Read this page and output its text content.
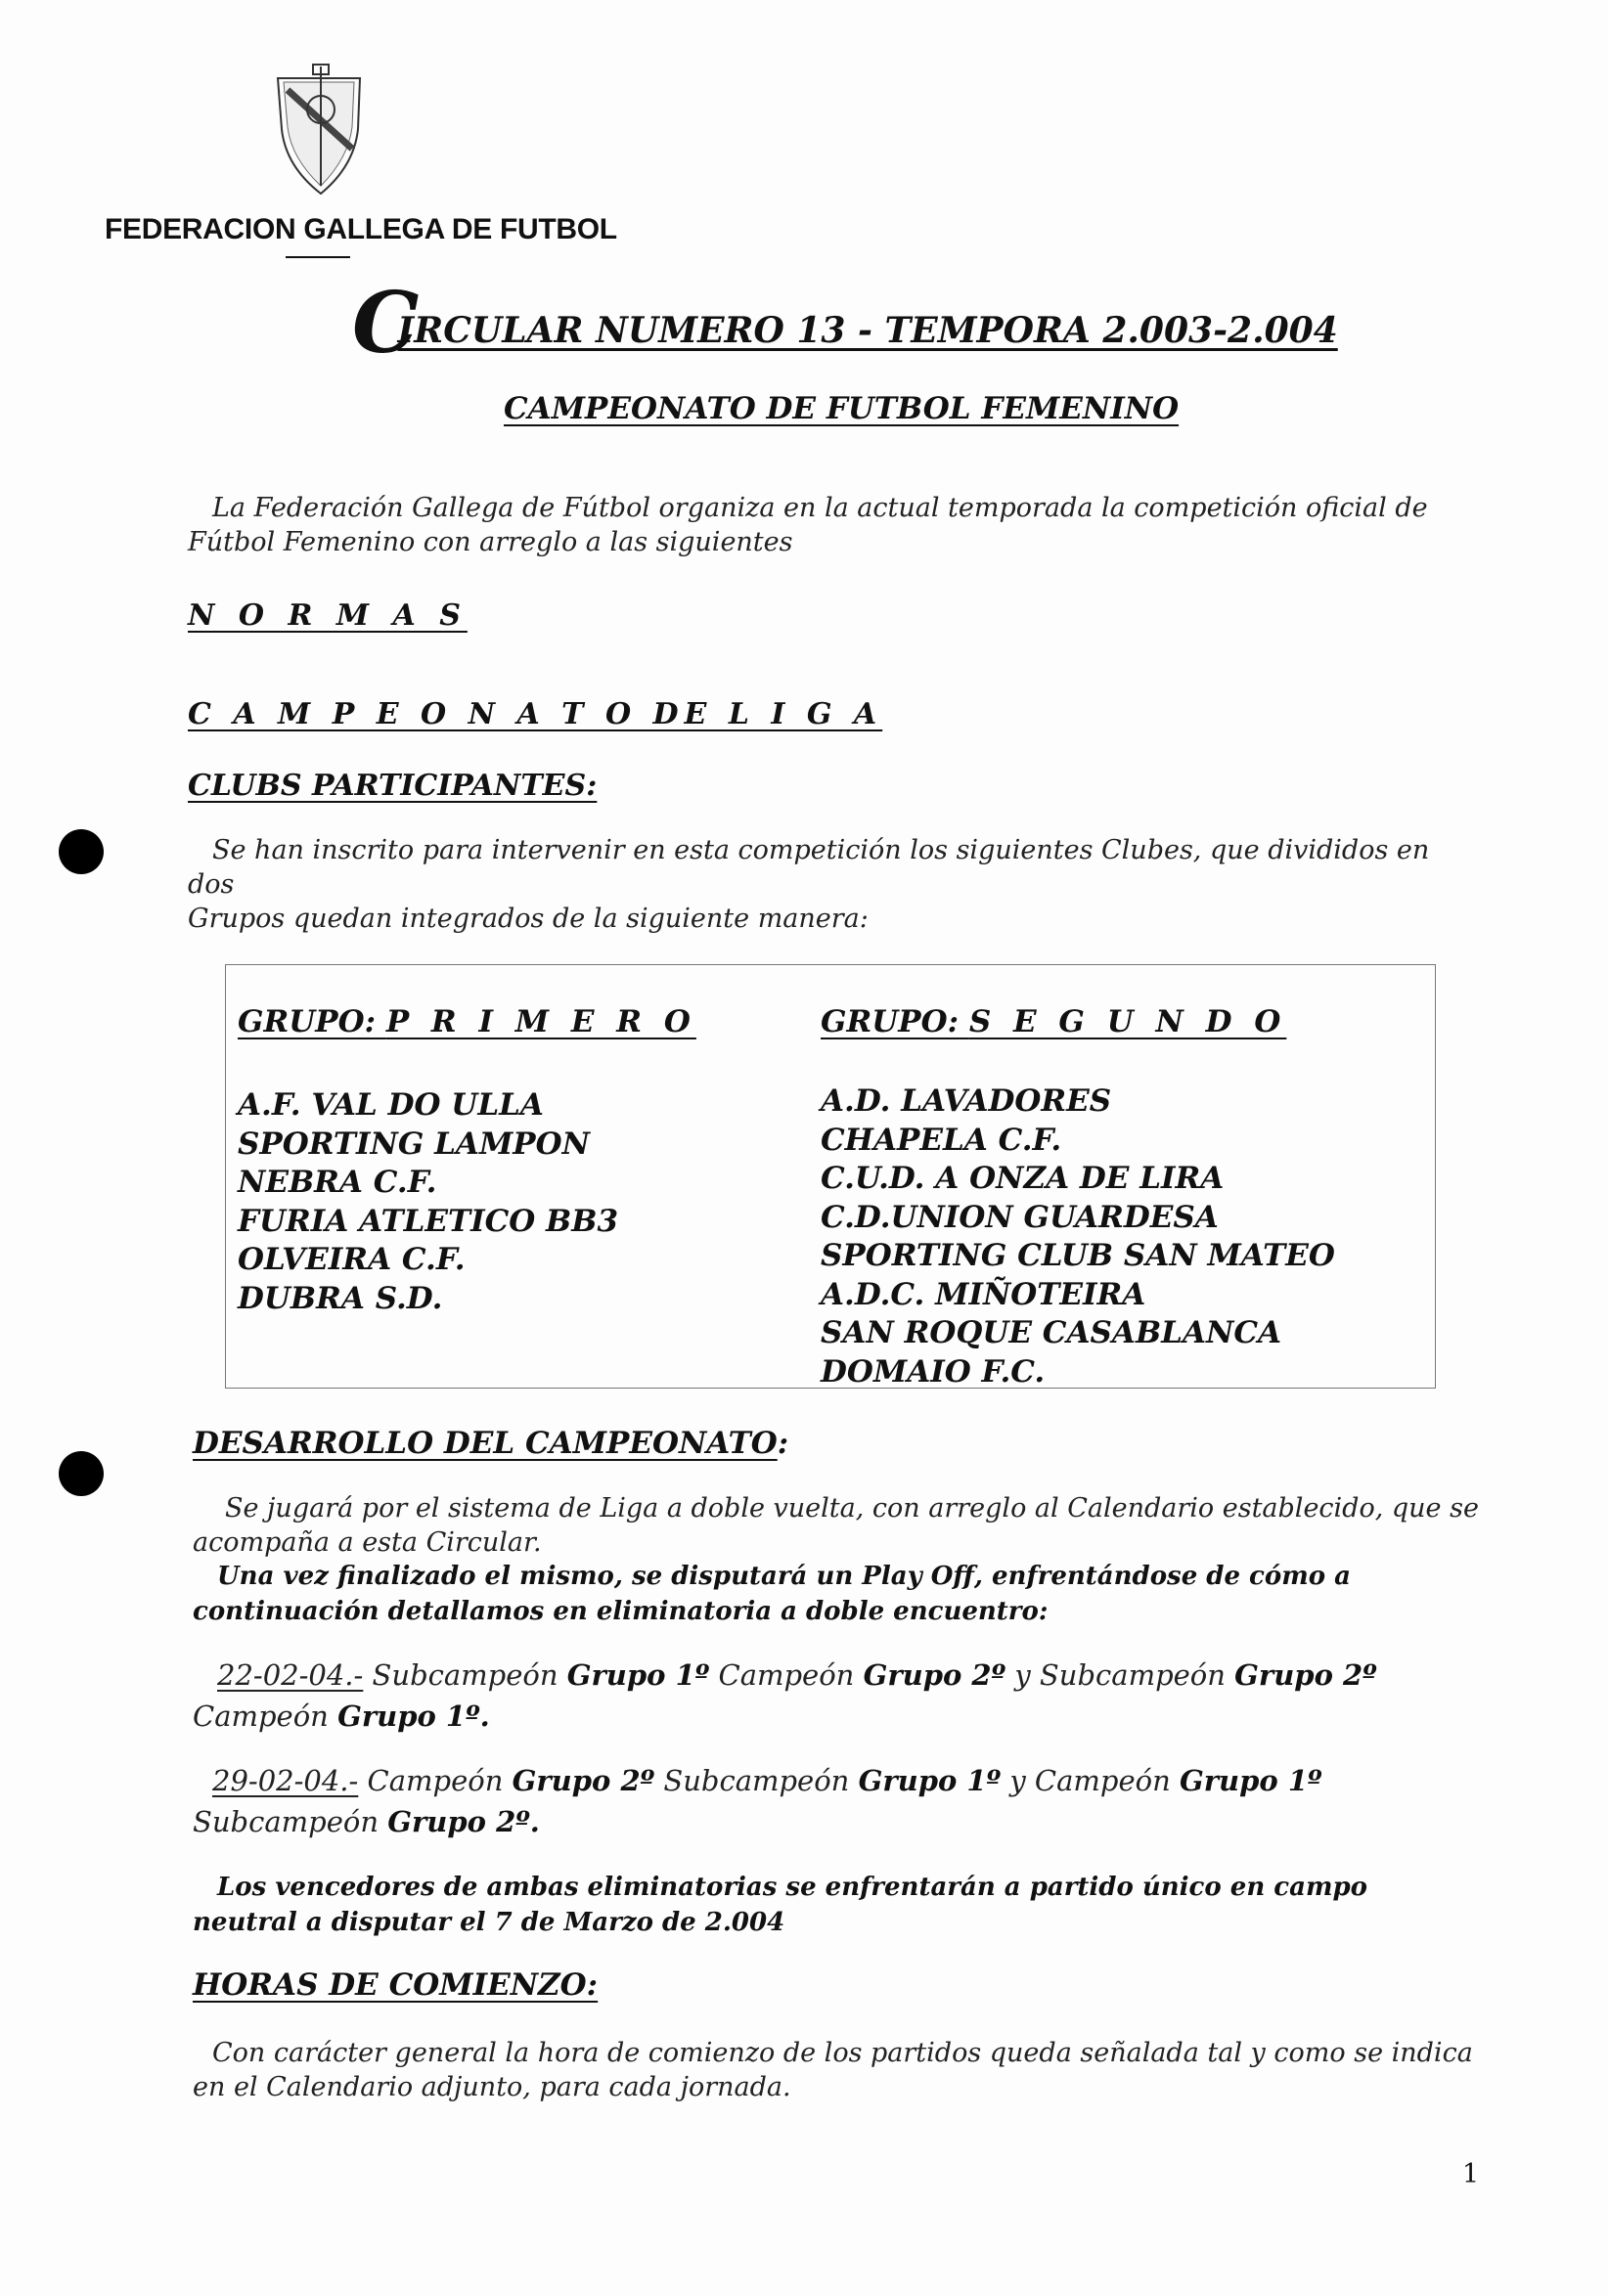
FEDERACION GALLEGA DE FUTBOL
CIRCULAR NUMERO 13 - TEMPORA 2.003-2.004
CAMPEONATO DE FUTBOL FEMENINO

La Federación Gallega de Fútbol organiza en la actual temporada la competición oficial de

Fútbol Femenino con arreglo a las siguientes

N O R M A S
C A M P E O N A T O DE L I G A
CLUBS PARTICIPANTES:

Se han inscrito para intervenir en esta competición los siguientes Clubes, que divididos en dos

Grupos quedan integrados de la siguiente manera:

GRUPO: P R I M E R O
A.F. VAL DO ULLA
SPORTING LAMPON
NEBRA C.F.
FURIA ATLETICO BB3
OLVEIRA C.F.
DUBRA S.D.
GRUPO: S E G U N D O
A.D. LAVADORES
CHAPELA C.F.
C.U.D. A ONZA DE LIRA
C.D.UNION GUARDESA
SPORTING CLUB SAN MATEO
A.D.C. MIÑOTEIRA
SAN ROQUE CASABLANCA
DOMAIO F.C.
DESARROLLO DEL CAMPEONATO:

Se jugará por el sistema de Liga a doble vuelta, con arreglo al Calendario establecido, que se

acompaña a esta Circular.

Una vez finalizado el mismo, se disputará un Play Off, enfrentándose de cómo a
continuación detallamos en eliminatoria a doble encuentro:
22-02-04.- Subcampeón Grupo 1º Campeón Grupo 2º y Subcampeón Grupo 2º
Campeón Grupo 1º.
29-02-04.- Campeón Grupo 2º Subcampeón Grupo 1º y Campeón Grupo 1º
Subcampeón Grupo 2º.
Los vencedores de ambas eliminatorias se enfrentarán a partido único en campo
neutral a disputar el 7 de Marzo de 2.004
HORAS DE COMIENZO:

Con carácter general la hora de comienzo de los partidos queda señalada tal y como se indica

en el Calendario adjunto, para cada jornada.

1
